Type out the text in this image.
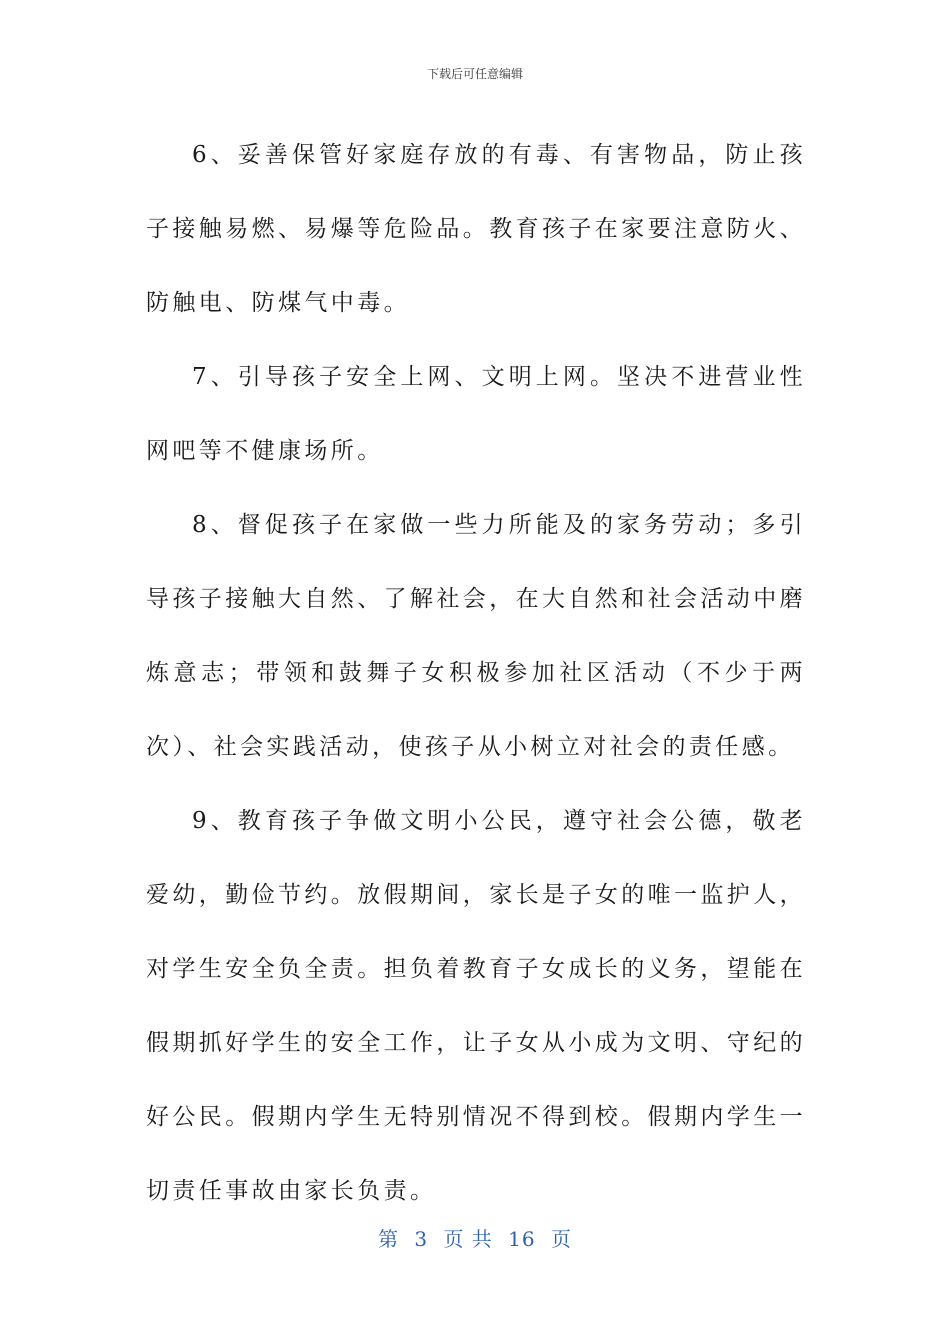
下载后可任意编辑

6、妥善保管好家庭存放的有毒、有害物品，防止孩子接触易燃、易爆等危险品。教育孩子在家要注意防火、防触电、防煤气中毒。

7、引导孩子安全上网、文明上网。坚决不进营业性网吧等不健康场所。

8、督促孩子在家做一些力所能及的家务劳动；多引导孩子接触大自然、了解社会，在大自然和社会活动中磨炼意志；带领和鼓舞子女积极参加社区活动（不少于两次）、社会实践活动，使孩子从小树立对社会的责任感。

9、教育孩子争做文明小公民，遵守社会公德，敬老爱幼，勤俭节约。放假期间，家长是子女的唯一监护人，对学生安全负全责。担负着教育子女成长的义务，望能在假期抓好学生的安全工作，让子女从小成为文明、守纪的好公民。假期内学生无特别情况不得到校。假期内学生一切责任事故由家长负责。

第 3 页 共 16 页
